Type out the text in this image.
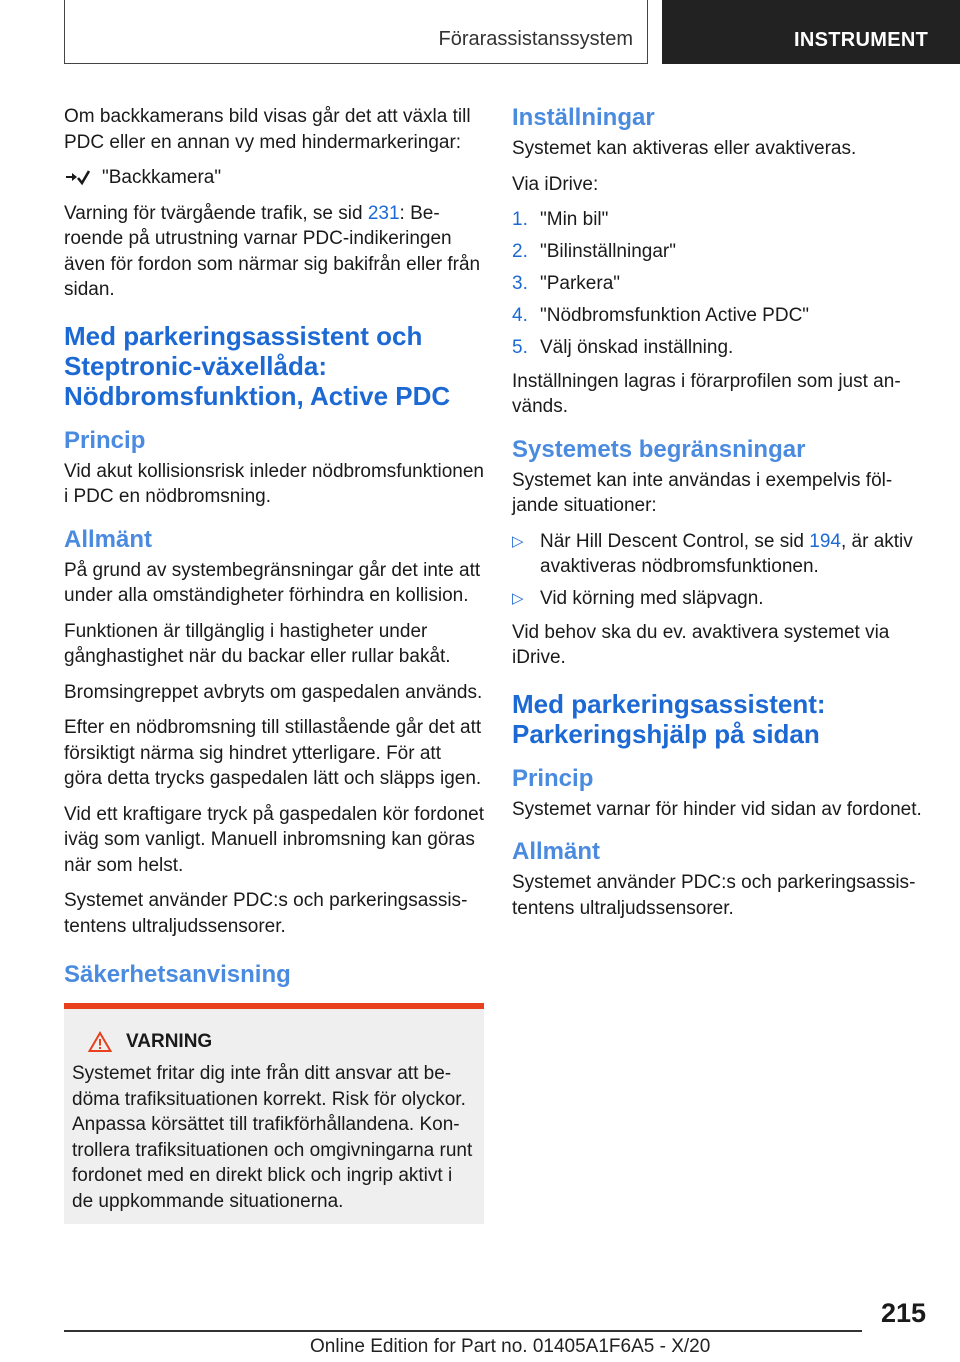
Förarassistanssystem	INSTRUMENT

Om backkamerans bild visas går det att växla till PDC eller en annan vy med hindermarkeringar:

"Backkamera"

Varning för tvärgående trafik, se sid 231: Beroende på utrustning varnar PDC-indikeringen även för fordon som närmar sig bakifrån eller från sidan.

Med parkeringsassistent och Steptronic-växellåda: Nödbromsfunktion, Active PDC
Princip

Vid akut kollisionsrisk inleder nödbromsfunktionen i PDC en nödbromsning.

Allmänt

På grund av systembegränsningar går det inte att under alla omständigheter förhindra en kollision.

Funktionen är tillgänglig i hastigheter under gånghastighet när du backar eller rullar bakåt.

Bromsingreppet avbryts om gaspedalen används.

Efter en nödbromsning till stillastående går det att försiktigt närma sig hindret ytterligare. För att göra detta trycks gaspedalen lätt och släpps igen.

Vid ett kraftigare tryck på gaspedalen kör fordonet iväg som vanligt. Manuell inbromsning kan göras när som helst.

Systemet använder PDC:s och parkeringsassistentens ultraljudssensorer.

Säkerhetsanvisning
VARNING

Systemet fritar dig inte från ditt ansvar att bedöma trafiksituationen korrekt. Risk för olyckor. Anpassa körsättet till trafikförhållandena. Kontrollera trafiksituationen och omgivningarna runt fordonet med en direkt blick och ingrip aktivt i de uppkommande situationerna.

Inställningar

Systemet kan aktiveras eller avaktiveras.

Via iDrive:

1. "Min bil"
2. "Bilinställningar"
3. "Parkera"
4. "Nödbromsfunktion Active PDC"
5. Välj önskad inställning.

Inställningen lagras i förarprofilen som just används.

Systemets begränsningar

Systemet kan inte användas i exempelvis följande situationer:

▷ När Hill Descent Control, se sid 194, är aktiv avaktiveras nödbromsfunktionen.
▷ Vid körning med släpvagn.

Vid behov ska du ev. avaktivera systemet via iDrive.

Med parkeringsassistent: Parkeringshjälp på sidan
Princip

Systemet varnar för hinder vid sidan av fordonet.

Allmänt

Systemet använder PDC:s och parkeringsassistentens ultraljudssensorer.

215
Online Edition for Part no. 01405A1F6A5 - X/20
